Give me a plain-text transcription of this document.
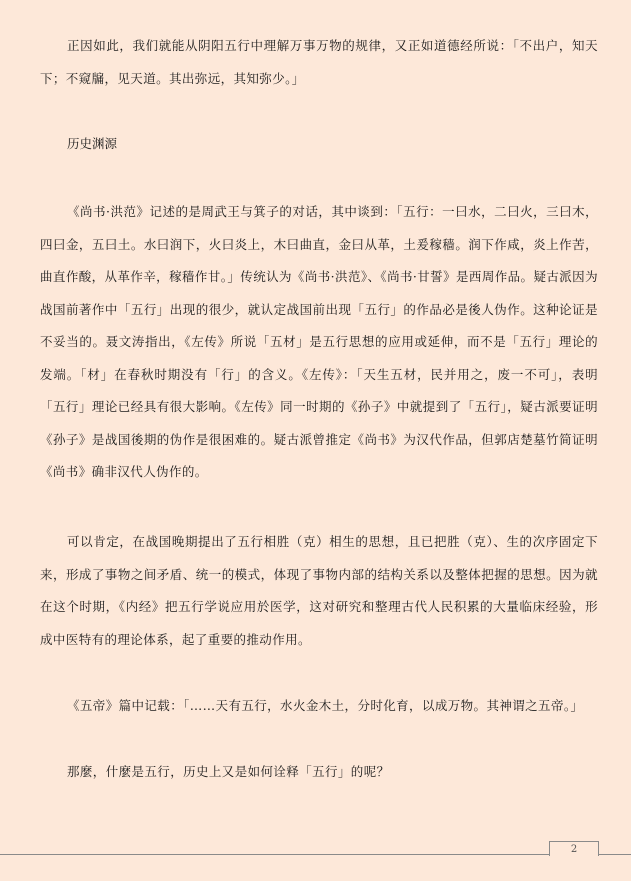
正因如此，我们就能从阴阳五行中理解万事万物的规律，又正如道德经所说：「不出户，知天下；不窥牖，见天道。其出弥远，其知弥少。」

历史渊源

《尚书·洪范》记述的是周武王与箕子的对话，其中谈到：「五行：一曰水，二曰火，三曰木，四曰金，五曰土。水曰润下，火曰炎上，木曰曲直，金曰从革，土爰稼穑。润下作咸，炎上作苦，曲直作酸，从革作辛，稼穑作甘。」传统认为《尚书·洪范》、《尚书·甘誓》是西周作品。疑古派因为战国前著作中「五行」出现的很少，就认定战国前出现「五行」的作品必是後人伪作。这种论证是不妥当的。聂文涛指出，《左传》所说「五材」是五行思想的应用或延伸，而不是「五行」理论的发端。「材」在春秋时期没有「行」的含义。《左传》：「天生五材，民并用之，废一不可」，表明「五行」理论已经具有很大影响。《左传》同一时期的《孙子》中就提到了「五行」，疑古派要证明《孙子》是战国後期的伪作是很困难的。疑古派曾推定《尚书》为汉代作品，但郭店楚墓竹简证明《尚书》确非汉代人伪作的。

可以肯定，在战国晚期提出了五行相胜（克）相生的思想，且已把胜（克）、生的次序固定下来，形成了事物之间矛盾、统一的模式，体现了事物内部的结构关系以及整体把握的思想。因为就在这个时期，《内经》把五行学说应用於医学，这对研究和整理古代人民积累的大量临床经验，形成中医特有的理论体系，起了重要的推动作用。

《五帝》篇中记载：「……天有五行，水火金木土，分时化育，以成万物。其神谓之五帝。」

那麼，什麼是五行，历史上又是如何诠释「五行」的呢？

2
